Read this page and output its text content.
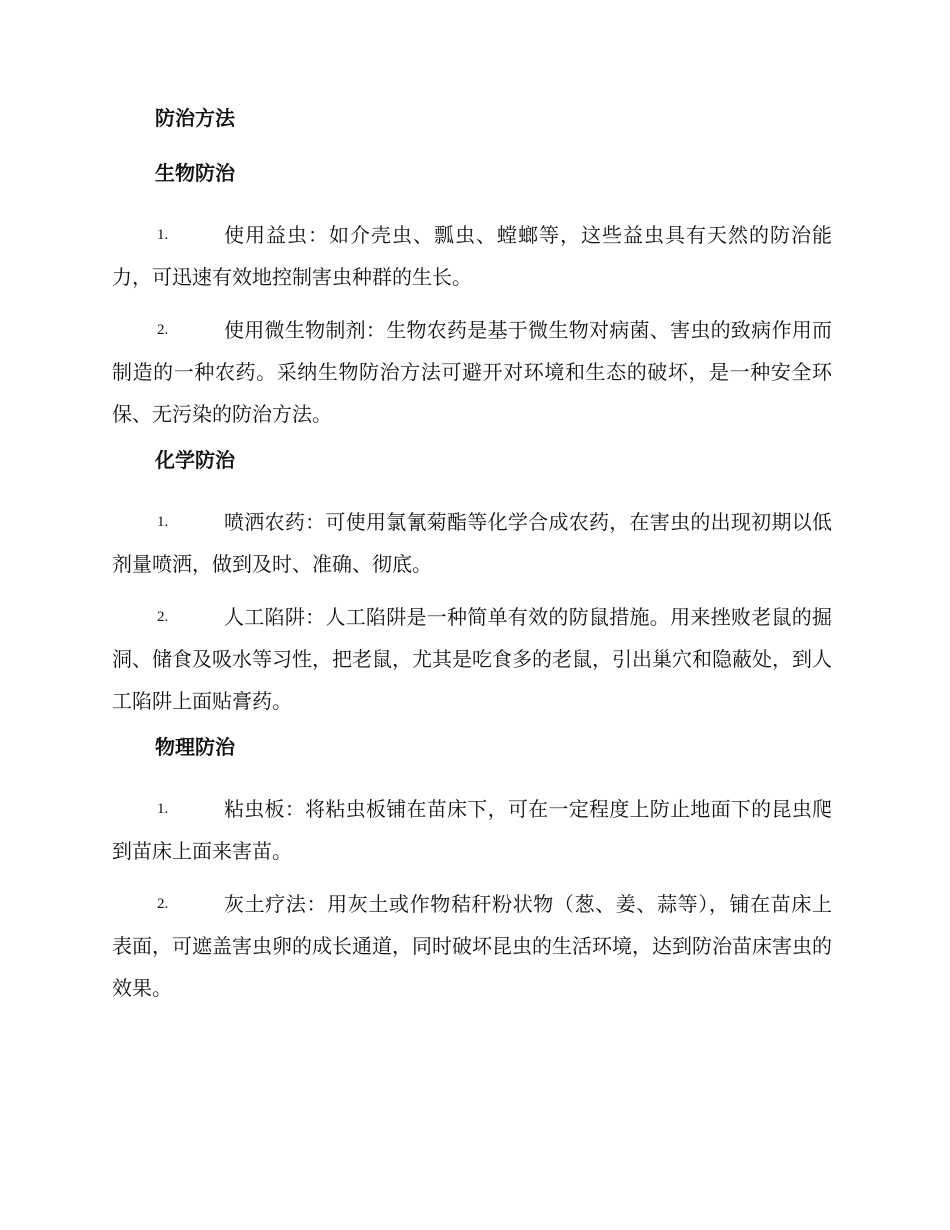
防治方法
生物防治
1.	使用益虫：如介壳虫、瓢虫、螳螂等，这些益虫具有天然的防治能力，可迅速有效地控制害虫种群的生长。
2.	使用微生物制剂：生物农药是基于微生物对病菌、害虫的致病作用而制造的一种农药。采纳生物防治方法可避开对环境和生态的破坏，是一种安全环保、无污染的防治方法。
化学防治
1.	喷洒农药：可使用氯氰菊酯等化学合成农药，在害虫的出现初期以低剂量喷洒，做到及时、准确、彻底。
2.	人工陷阱：人工陷阱是一种简单有效的防鼠措施。用来挫败老鼠的掘洞、储食及吸水等习性，把老鼠，尤其是吃食多的老鼠，引出巢穴和隐蔽处，到人工陷阱上面贴膏药。
物理防治
1.	粘虫板：将粘虫板铺在苗床下，可在一定程度上防止地面下的昆虫爬到苗床上面来害苗。
2.	灰土疗法：用灰土或作物秸秆粉状物（葱、姜、蒜等），铺在苗床上表面，可遮盖害虫卵的成长通道，同时破坏昆虫的生活环境，达到防治苗床害虫的效果。
